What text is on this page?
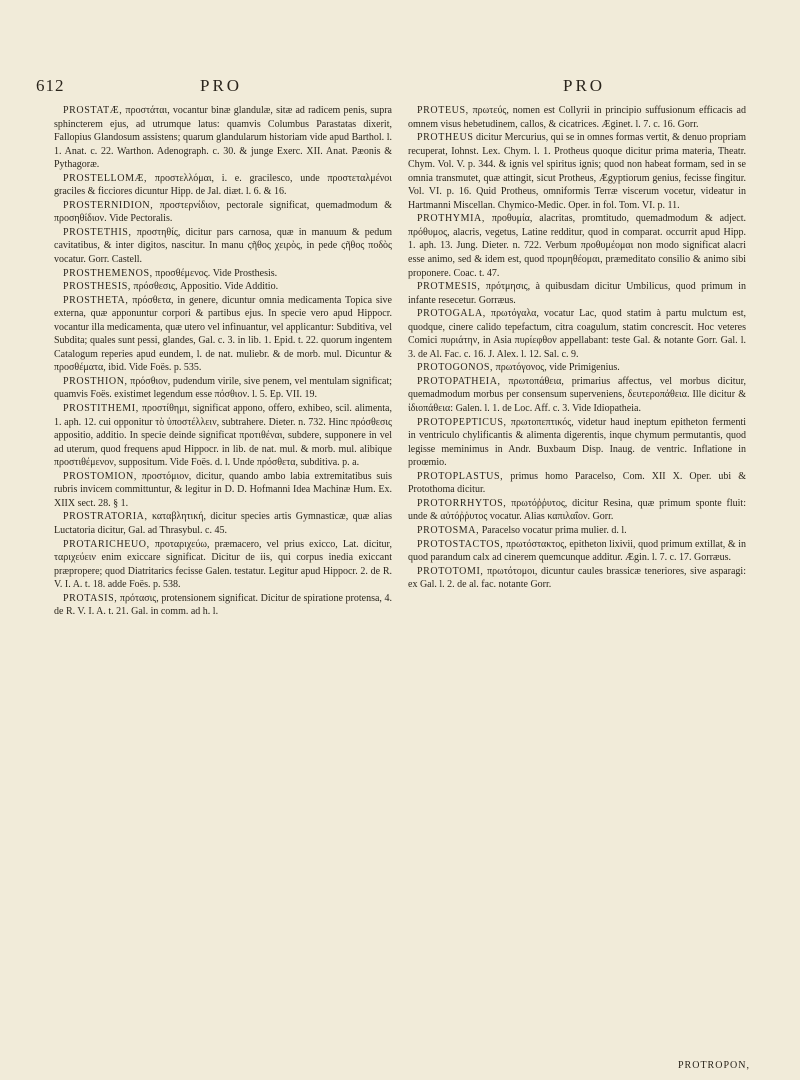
612	PRO	PRO

PROSTATÆ, προστάται, vocantur binæ glandulæ, sitæ ad radicem penis, supra sphincterem ejus, ad utrumque latus: quamvis Columbus Parastatas dixerit, Fallopius Glandosum assistens; quarum glandularum historiam vide apud Barthol. l. 1. Anat. c. 22. Warthon. Adenograph. c. 30. & junge Exerc. XII. Anat. Pæonis & Pythagoræ.

PROSTELLOMÆ, προστελλόμαι, i. e. gracilesco, unde προστεταλμένοι graciles & ficciores dicuntur Hipp. de Jal. diæt. l. 6. & 16.

PROSTERNIDION, προστερνίδιον, pectorale significat, quemadmodum & προσηθίδιον. Vide Pectoralis.

PROSTETHIS, προστηθίς, dicitur pars carnosa, quæ in manuum & pedum cavitatibus, & inter digitos, nascitur. In manu ϛῆθος χειρὸς, in pede ϛῆθος ποδὸς vocatur. Gorr. Castell.

PROSTHEMENOS, προσθέμενος. Vide Prosthesis.

PROSTHESIS, πρόσθεσις, Appositio. Vide Additio.

PROSTHETA, πρόσθετα, in genere, dicuntur omnia medicamenta Topica sive externa, quæ apponuntur corpori & partibus ejus. In specie vero apud Hippocr. vocantur illa medicamenta, quæ utero vel infinuantur, vel applicantur: Subditiva, vel Subdita; quales sunt pessi, glandes, Gal. c. 3. in lib. 1. Epid. t. 22. quorum ingentem Catalogum reperies apud eundem, l. de nat. muliebr. & de morb. mul. Dicuntur & προσθέματα, ibid. Vide Foës. p. 535.

PROSTHION, πρόσθιον, pudendum virile, sive penem, vel mentulam significat; quamvis Foës. existimet legendum esse πόσθιον. l. 5. Ep. VII. 19.

PROSTITHEMI, προστίθημι, significat appono, offero, exhibeo, scil. alimenta, 1. aph. 12. cui opponitur τὸ ὑποστέλλειν, subtrahere. Dieter. n. 732. Hinc πρόσθεσις appositio, additio. In specie deinde significat προτιθέναι, subdere, supponere in vel ad uterum, quod frequens apud Hippocr. in lib. de nat. mul. & morb. mul. alibique προστιθέμενον, suppositum. Vide Foës. d. l. Unde πρόσθετα, subditiva. p. a.

PROSTOMION, προστόμιον, dicitur, quando ambo labia extremitatibus suis rubris invicem committuntur, & legitur in D. D. Hofmanni Idea Machinæ Hum. Ex. XIIX sect. 28. § 1.

PROSTRATORIA, καταβλητική, dicitur species artis Gymnasticæ, quæ alias Luctatoria dicitur, Gal. ad Thrasybul. c. 45.

PROTARICHEUO, προταριχεύω, præmacero, vel prius exicco, Lat. dicitur, ταριχεύειν enim exiccare significat. Dicitur de iis, qui corpus inedia exiccant præpropere; quod Diatritarics fecisse Galen. testatur. Legitur apud Hippocr. 2. de R. V. I. A. t. 18. adde Foës. p. 538.

PROTASIS, πρότασις, protensionem significat. Dicitur de spiratione protensa, 4. de R. V. I. A. t. 21. Gal. in comm. ad h. l.

PROTEUS, πρωτεύς, nomen est Collyrii in principio suffusionum efficacis ad omnem visus hebetudinem, callos, & cicatrices. Æginet. l. 7. c. 16. Gorr.

PROTHEUS dicitur Mercurius, qui se in omnes formas vertit, & denuo propriam recuperat, Iohnst. Lex. Chym. l. 1. Protheus quoque dicitur prima materia, Theatr. Chym. Vol. V. p. 344. & ignis vel spiritus ignis; quod non habeat formam, sed in se omnia transmutet, quæ attingit, sicut Protheus, Ægyptiorum genius, fecisse fingitur. Vol. VI. p. 16. Quid Protheus, omniformis Terræ viscerum vocetur, videatur in Hartmanni Miscellan. Chymico-Medic. Oper. in fol. Tom. VI. p. 11.

PROTHYMIA, προθυμία, alacritas, promtitudo, quemadmodum & adject. πρόθυμος, alacris, vegetus, Latine redditur, quod in comparat. occurrit apud Hipp. 1. aph. 13. Jung. Dieter. n. 722. Verbum προθυμέομαι non modo significat alacri esse animo, sed & idem est, quod προμηθέομαι, præmeditato consilio & animo sibi proponere. Coac. t. 47.

PROTMESIS, πρότμησις, à quibusdam dicitur Umbilicus, quod primum in infante resecetur. Gorræus.

PROTOGALA, πρωτόγαλα, vocatur Lac, quod statim à partu mulctum est, quodque, cinere calido tepefactum, citra coagulum, statim concrescit. Hoc veteres Comici πυριάτην, in Asia πυρίεφθον appellabant: teste Gal. & notante Gorr. Gal. l. 3. de Al. Fac. c. 16. J. Alex. l. 12. Sal. c. 9.

PROTOGONOS, πρωτόγονος, vide Primigenius.

PROTOPATHEIA, πρωτοπάθεια, primarius affectus, vel morbus dicitur, quemadmodum morbus per consensum superveniens, δευτεροπάθεια. Ille dicitur & ἰδιοπάθεια: Galen. l. 1. de Loc. Aff. c. 3. Vide Idiopatheia.

PROTOPEPTICUS, πρωτοπεπτικός, videtur haud ineptum epitheton fermenti in ventriculo chylificantis & alimenta digerentis, inque chymum permutantis, quod legisse meminimus in Andr. Buxbaum Disp. Inaug. de ventric. Inflatione in proœmio.

PROTOPLASTUS, primus homo Paracelso, Com. XII X. Oper. ubi & Protothoma dicitur.

PROTORRHYTOS, πρωτόῤῥυτος, dicitur Resina, quæ primum sponte fluit: unde & αὐτόῤῥυτος vocatur. Alias καπιλαΐον. Gorr.

PROTOSMA, Paracelso vocatur prima mulier. d. l.

PROTOSTACTOS, πρωτόστακτος, epitheton lixivii, quod primum extillat, & in quod parandum calx ad cinerem quemcunque additur. Ægin. l. 7. c. 17. Gorræus.

PROTOTOMI, πρωτότομοι, dicuntur caules brassicæ teneriores, sive asparagi: ex Gal. l. 2. de al. fac. notante Gorr.

PROTROPON,
